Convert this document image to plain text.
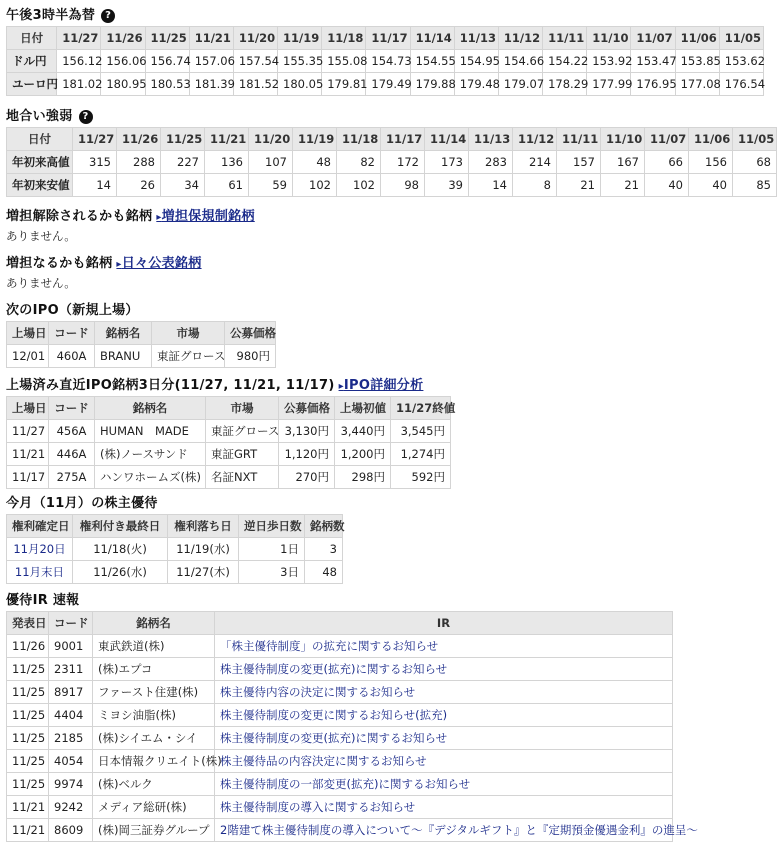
午後3時半為替 ?
日付	11/27	11/26	11/25	11/21	11/20	11/19	11/18	11/17	11/14	11/13	11/12	11/11	11/10	11/07	11/06	11/05
ドル円	156.12	156.06	156.74	157.06	157.54	155.35	155.08	154.73	154.55	154.95	154.66	154.22	153.92	153.47	153.85	153.62
ユーロ円	181.02	180.95	180.53	181.39	181.52	180.05	179.81	179.49	179.88	179.48	179.07	178.29	177.99	176.95	177.08	176.54
地合い強弱 ?
日付	11/27	11/26	11/25	11/21	11/20	11/19	11/18	11/17	11/14	11/13	11/12	11/11	11/10	11/07	11/06	11/05
年初来高値	315	288	227	136	107	48	82	172	173	283	214	157	167	66	156	68
年初来安値	14	26	34	61	59	102	102	98	39	14	8	21	21	40	40	85
増担解除されるかも銘柄 ▸ 増担保規制銘柄
ありません。
増担なるかも銘柄 ▸ 日々公表銘柄
ありません。
次のIPO（新規上場）
上場日	コード	銘柄名	市場	公募価格
12/01	460A	BRANU	東証グロース	980円
上場済み直近IPO銘柄3日分(11/27, 11/21, 11/17) ▸ IPO詳細分析
上場日	コード	銘柄名	市場	公募価格	上場初値	11/27終値
11/27	456A	HUMAN　MADE	東証グロース	3,130円	3,440円	3,545円
11/21	446A	(株)ノースサンド	東証GRT	1,120円	1,200円	1,274円
11/17	275A	ハンワホームズ(株)	名証NXT	270円	298円	592円
今月（11月）の株主優待
権利確定日	権利付き最終日	権利落ち日	逆日歩日数	銘柄数
11月20日	11/18(火)	11/19(水)	1日	3
11月末日	11/26(水)	11/27(木)	3日	48
優待IR 速報
発表日	コード	銘柄名	IR
11/26	9001	東武鉄道(株)	「株主優待制度」の拡充に関するお知らせ
11/25	2311	(株)エプコ	株主優待制度の変更(拡充)に関するお知らせ
11/25	8917	ファースト住建(株)	株主優待内容の決定に関するお知らせ
11/25	4404	ミヨシ油脂(株)	株主優待制度の変更に関するお知らせ(拡充)
11/25	2185	(株)シイエム・シイ	株主優待制度の変更(拡充)に関するお知らせ
11/25	4054	日本情報クリエイト(株)	株主優待品の内容決定に関するお知らせ
11/25	9974	(株)ベルク	株主優待制度の一部変更(拡充)に関するお知らせ
11/21	9242	メディア総研(株)	株主優待制度の導入に関するお知らせ
11/21	8609	(株)岡三証券グループ	2階建て株主優待制度の導入について～『デジタルギフト』と『定期預金優遇金利』の進呈～
